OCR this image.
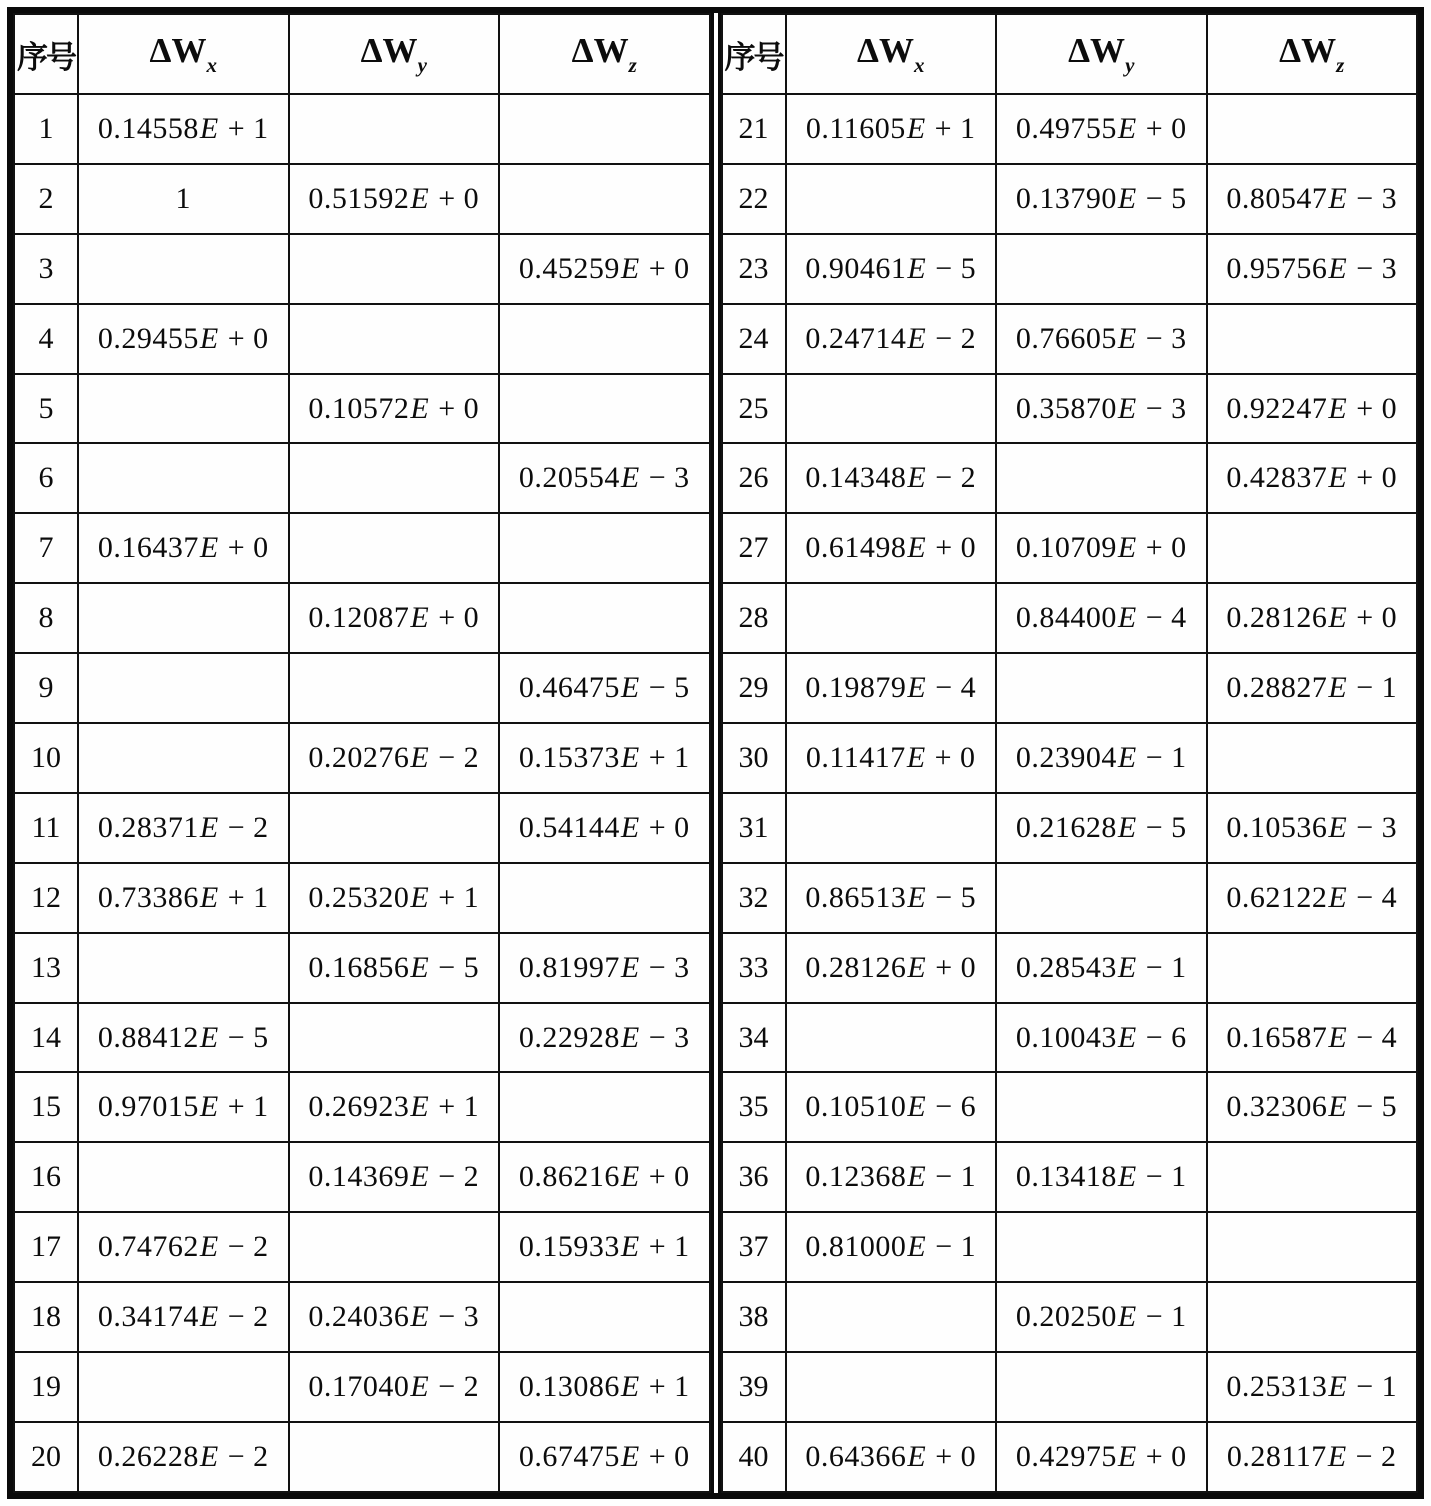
序号	$\Delta W_x$	$\Delta W_y$	$\Delta W_z$
1	0.14558E + 1		
2	1	0.51592E + 0	
3			0.45259E + 0
4	0.29455E + 0		
5		0.10572E + 0	
6			0.20554E − 3
7	0.16437E + 0		
8		0.12087E + 0	
9			0.46475E − 5
10		0.20276E − 2	0.15373E + 1
11	0.28371E − 2		0.54144E + 0
12	0.73386E + 1	0.25320E + 1	
13		0.16856E − 5	0.81997E − 3
14	0.88412E − 5		0.22928E − 3
15	0.97015E + 1	0.26923E + 1	
16		0.14369E − 2	0.86216E + 0
17	0.74762E − 2		0.15933E + 1
18	0.34174E − 2	0.24036E − 3	
19		0.17040E − 2	0.13086E + 1
20	0.26228E − 2		0.67475E + 0
序号	$\Delta W_x$	$\Delta W_y$	$\Delta W_z$
21	0.11605E + 1	0.49755E + 0	
22		0.13790E − 5	0.80547E − 3
23	0.90461E − 5		0.95756E − 3
24	0.24714E − 2	0.76605E − 3	
25		0.35870E − 3	0.92247E + 0
26	0.14348E − 2		0.42837E + 0
27	0.61498E + 0	0.10709E + 0	
28		0.84400E − 4	0.28126E + 0
29	0.19879E − 4		0.28827E − 1
30	0.11417E + 0	0.23904E − 1	
31		0.21628E − 5	0.10536E − 3
32	0.86513E − 5		0.62122E − 4
33	0.28126E + 0	0.28543E − 1	
34		0.10043E − 6	0.16587E − 4
35	0.10510E − 6		0.32306E − 5
36	0.12368E − 1	0.13418E − 1	
37	0.81000E − 1		
38		0.20250E − 1	
39			0.25313E − 1
40	0.64366E + 0	0.42975E + 0	0.28117E − 2
